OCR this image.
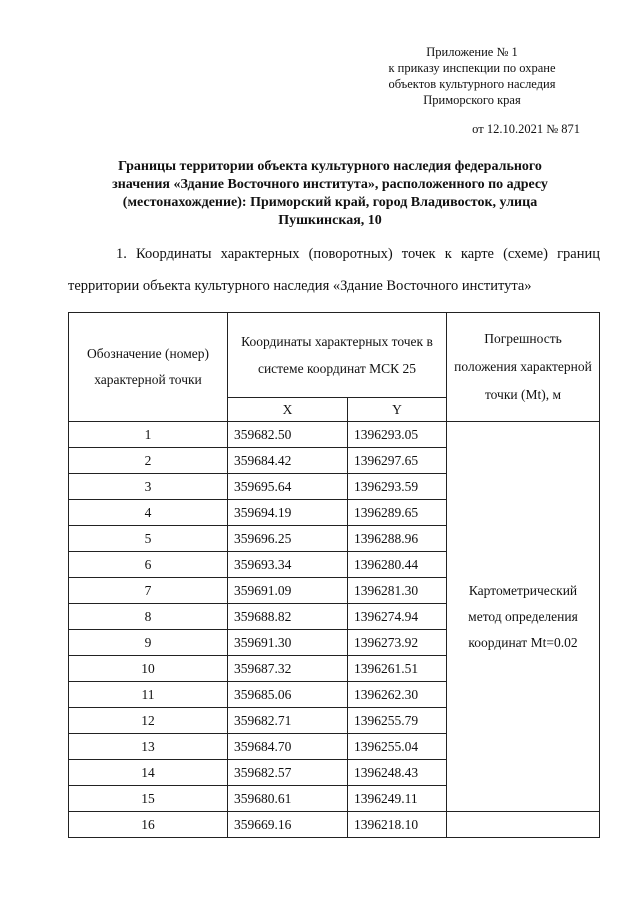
Приложение № 1
к приказу инспекции по охране
объектов культурного наследия
Приморского края
от 12.10.2021 № 871
Границы территории объекта культурного наследия федерального значения «Здание Восточного института», расположенного по адресу (местонахождение): Приморский край, город Владивосток, улица Пушкинская, 10
1. Координаты характерных (поворотных) точек к карте (схеме) границ территории объекта культурного наследия «Здание Восточного института»
Обозначение (номер) характерной точки	Координаты характерных точек в системе координат МСК 25		Погрешность положения характерной точки (Mt), м
	X	Y	
1	359682.50	1396293.05	Картометрический метод определения координат Mt=0.02
2	359684.42	1396297.65	
3	359695.64	1396293.59	
4	359694.19	1396289.65	
5	359696.25	1396288.96	
6	359693.34	1396280.44	
7	359691.09	1396281.30	
8	359688.82	1396274.94	
9	359691.30	1396273.92	
10	359687.32	1396261.51	
11	359685.06	1396262.30	
12	359682.71	1396255.79	
13	359684.70	1396255.04	
14	359682.57	1396248.43	
15	359680.61	1396249.11	
16	359669.16	1396218.10	
